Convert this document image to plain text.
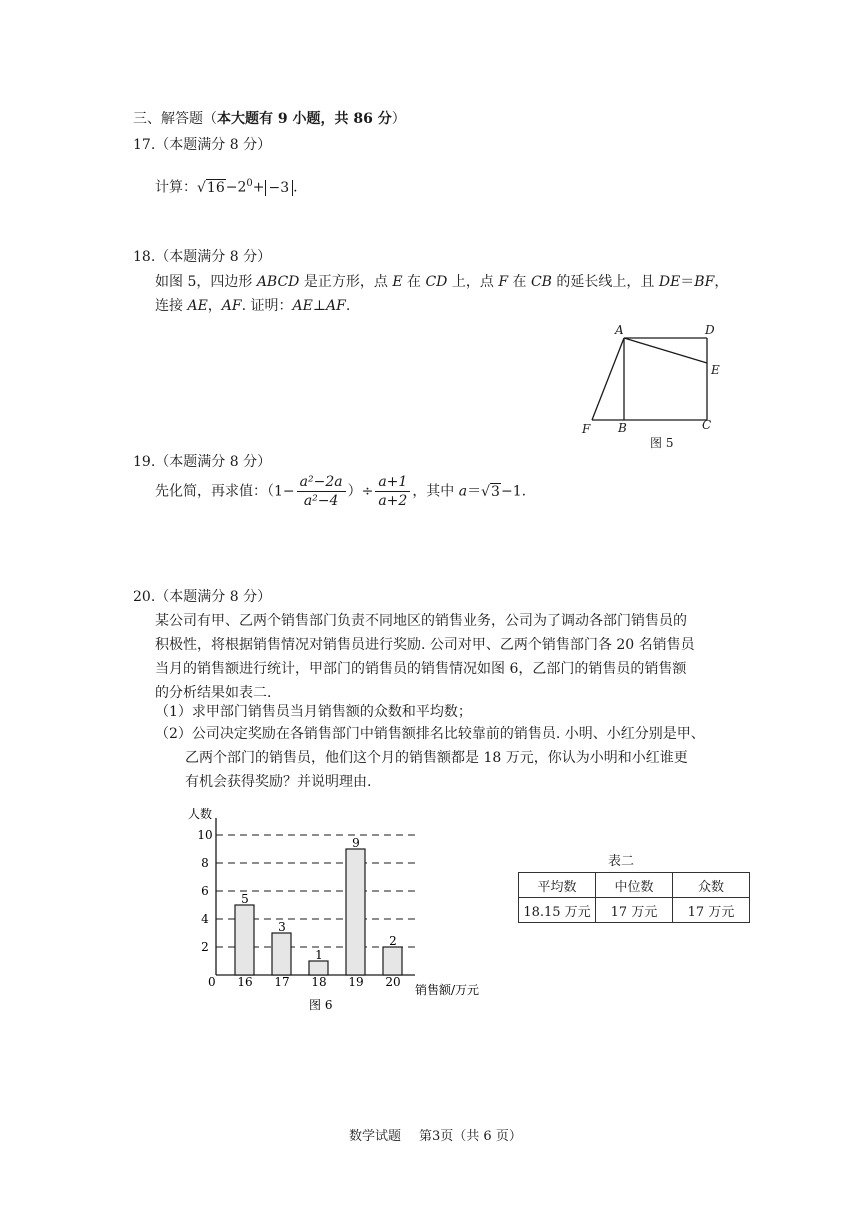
三、解答题（本大题有 9 小题，共 86 分）
17.（本题满分 8 分）
计算：$√16-2^0+ -3$ .
18.（本题满分 8 分）
如图 5，四边形 ABCD 是正方形，点 E 在 CD 上，点 F 在 CB 的延长线上，且 DE＝BF，
连接 AE，AF. 证明：AE⊥AF.
A	D
E
F B	C
图 5
19.（本题满分 8 分）
先化简，再求值：（$1- \frac{\text{a²−2a}}{\text{a²−4}}$ ）÷ $\frac{a+1}{a+2}$ ，其中 a＝√3−1.
20.（本题满分 8 分）
某公司有甲、乙两个销售部门负责不同地区的销售业务，公司为了调动各部门销售员的
积极性，将根据销售情况对销售员进行奖励. 公司对甲、乙两个销售部门各 20 名销售员
当月的销售额进行统计，甲部门的销售员的销售情况如图 6，乙部门的销售员的销售额
的分析结果如表二.
（1）求甲部门销售员当月销售额的众数和平均数；
（2）公司决定奖励在各销售部门中销售额排名比较靠前的销售员. 小明、小红分别是甲、
乙两个部门的销售员，他们这个月的销售额都是 18 万元，你认为小明和小红谁更
有机会获得奖励？并说明理由.
人数
0
销售额/万元
2
4
6
8
10
5
16
3
17
1
18
9
19
2
20
图 6
表二
平均数	中位数	众数
18.15 万元	17 万元	17 万元
数学试题 第3页（共 6 页）
